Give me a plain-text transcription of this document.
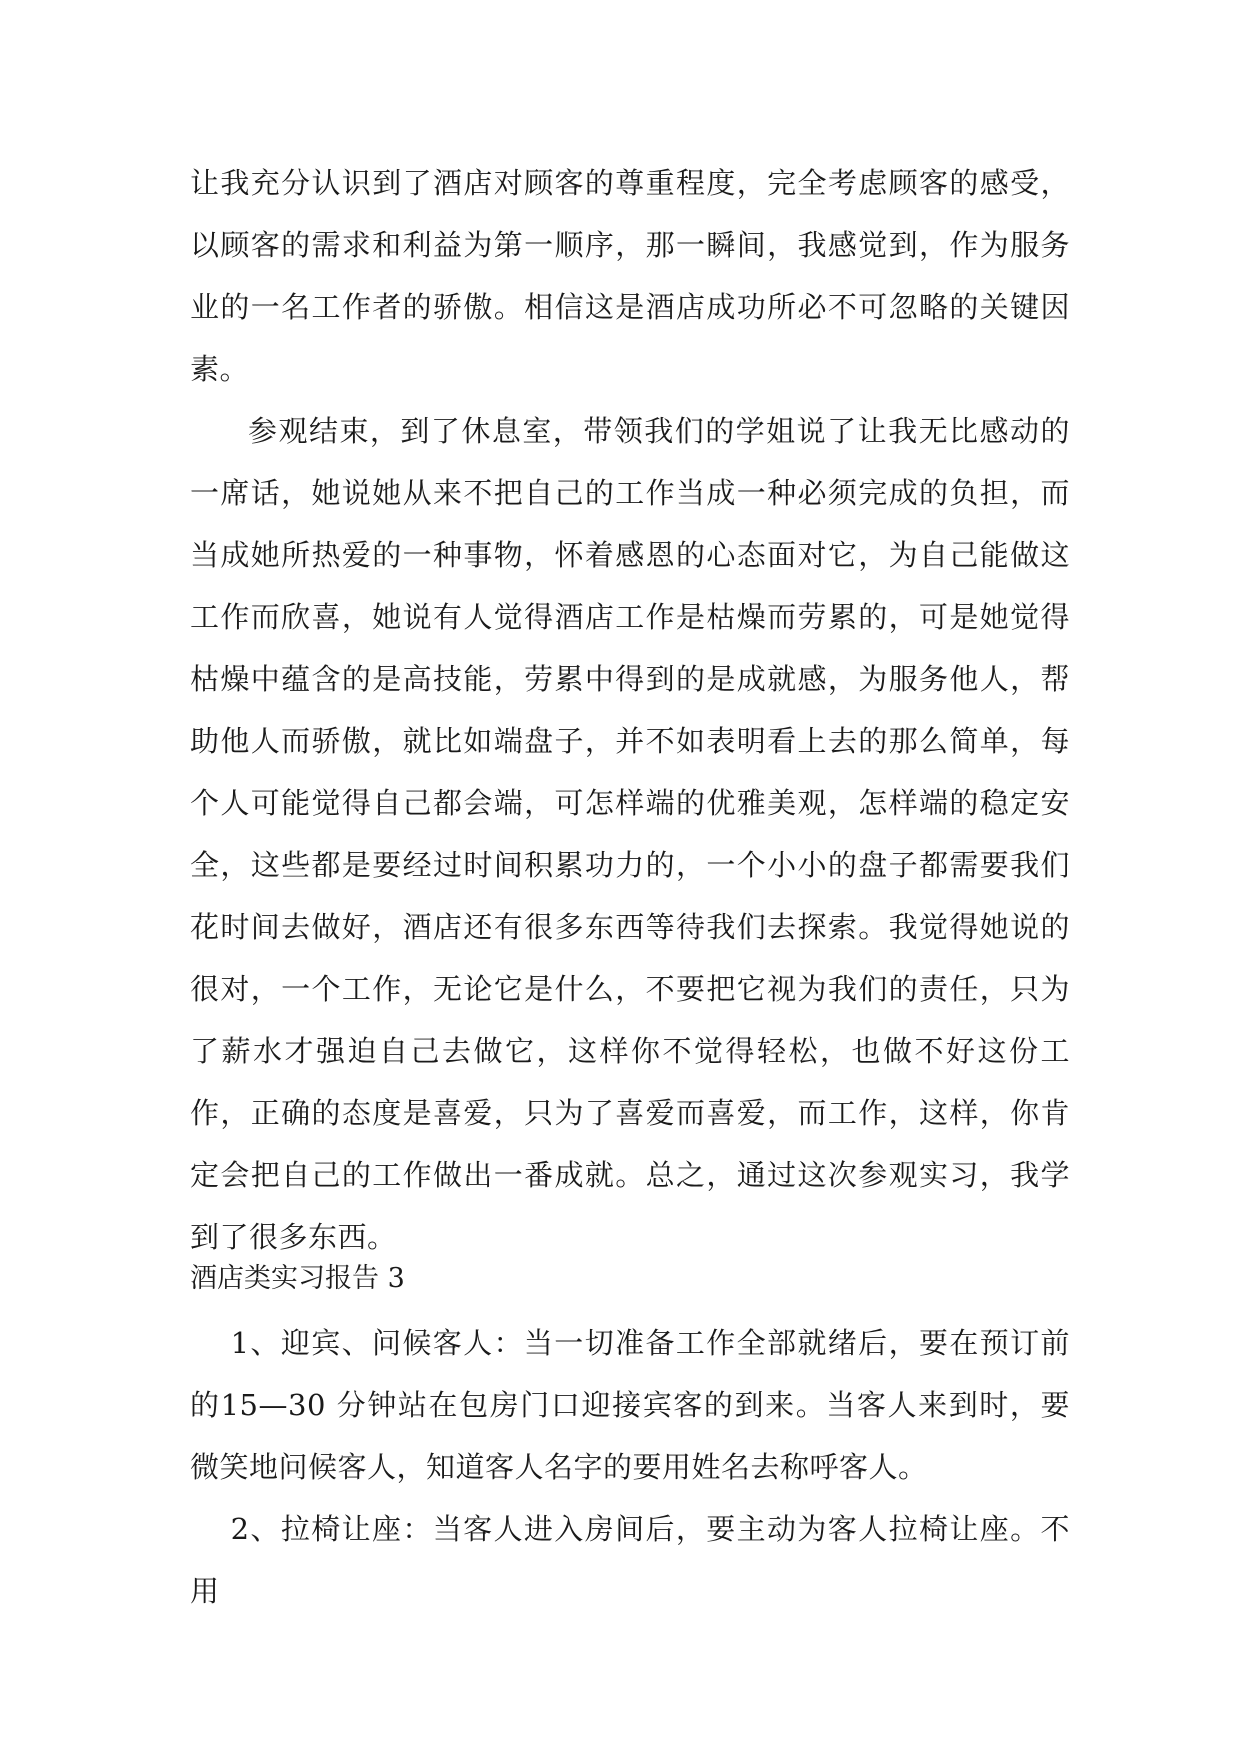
让我充分认识到了酒店对顾客的尊重程度，完全考虑顾客的感受，以顾客的需求和利益为第一顺序，那一瞬间，我感觉到，作为服务业的一名工作者的骄傲。相信这是酒店成功所必不可忽略的关键因素。

参观结束，到了休息室，带领我们的学姐说了让我无比感动的一席话，她说她从来不把自己的工作当成一种必须完成的负担，而当成她所热爱的一种事物，怀着感恩的心态面对它，为自己能做这工作而欣喜，她说有人觉得酒店工作是枯燥而劳累的，可是她觉得枯燥中蕴含的是高技能，劳累中得到的是成就感，为服务他人，帮助他人而骄傲，就比如端盘子，并不如表明看上去的那么简单，每个人可能觉得自己都会端，可怎样端的优雅美观，怎样端的稳定安全，这些都是要经过时间积累功力的，一个小小的盘子都需要我们花时间去做好，酒店还有很多东西等待我们去探索。我觉得她说的很对，一个工作，无论它是什么，不要把它视为我们的责任，只为了薪水才强迫自己去做它，这样你不觉得轻松，也做不好这份工作，正确的态度是喜爱，只为了喜爱而喜爱，而工作，这样，你肯定会把自己的工作做出一番成就。总之，通过这次参观实习，我学到了很多东西。

酒店类实习报告 3

1、迎宾、问候客人：当一切准备工作全部就绪后，要在预订前的15—30 分钟站在包房门口迎接宾客的到来。当客人来到时，要微笑地问候客人，知道客人名字的要用姓名去称呼客人。

2、拉椅让座：当客人进入房间后，要主动为客人拉椅让座。不用
